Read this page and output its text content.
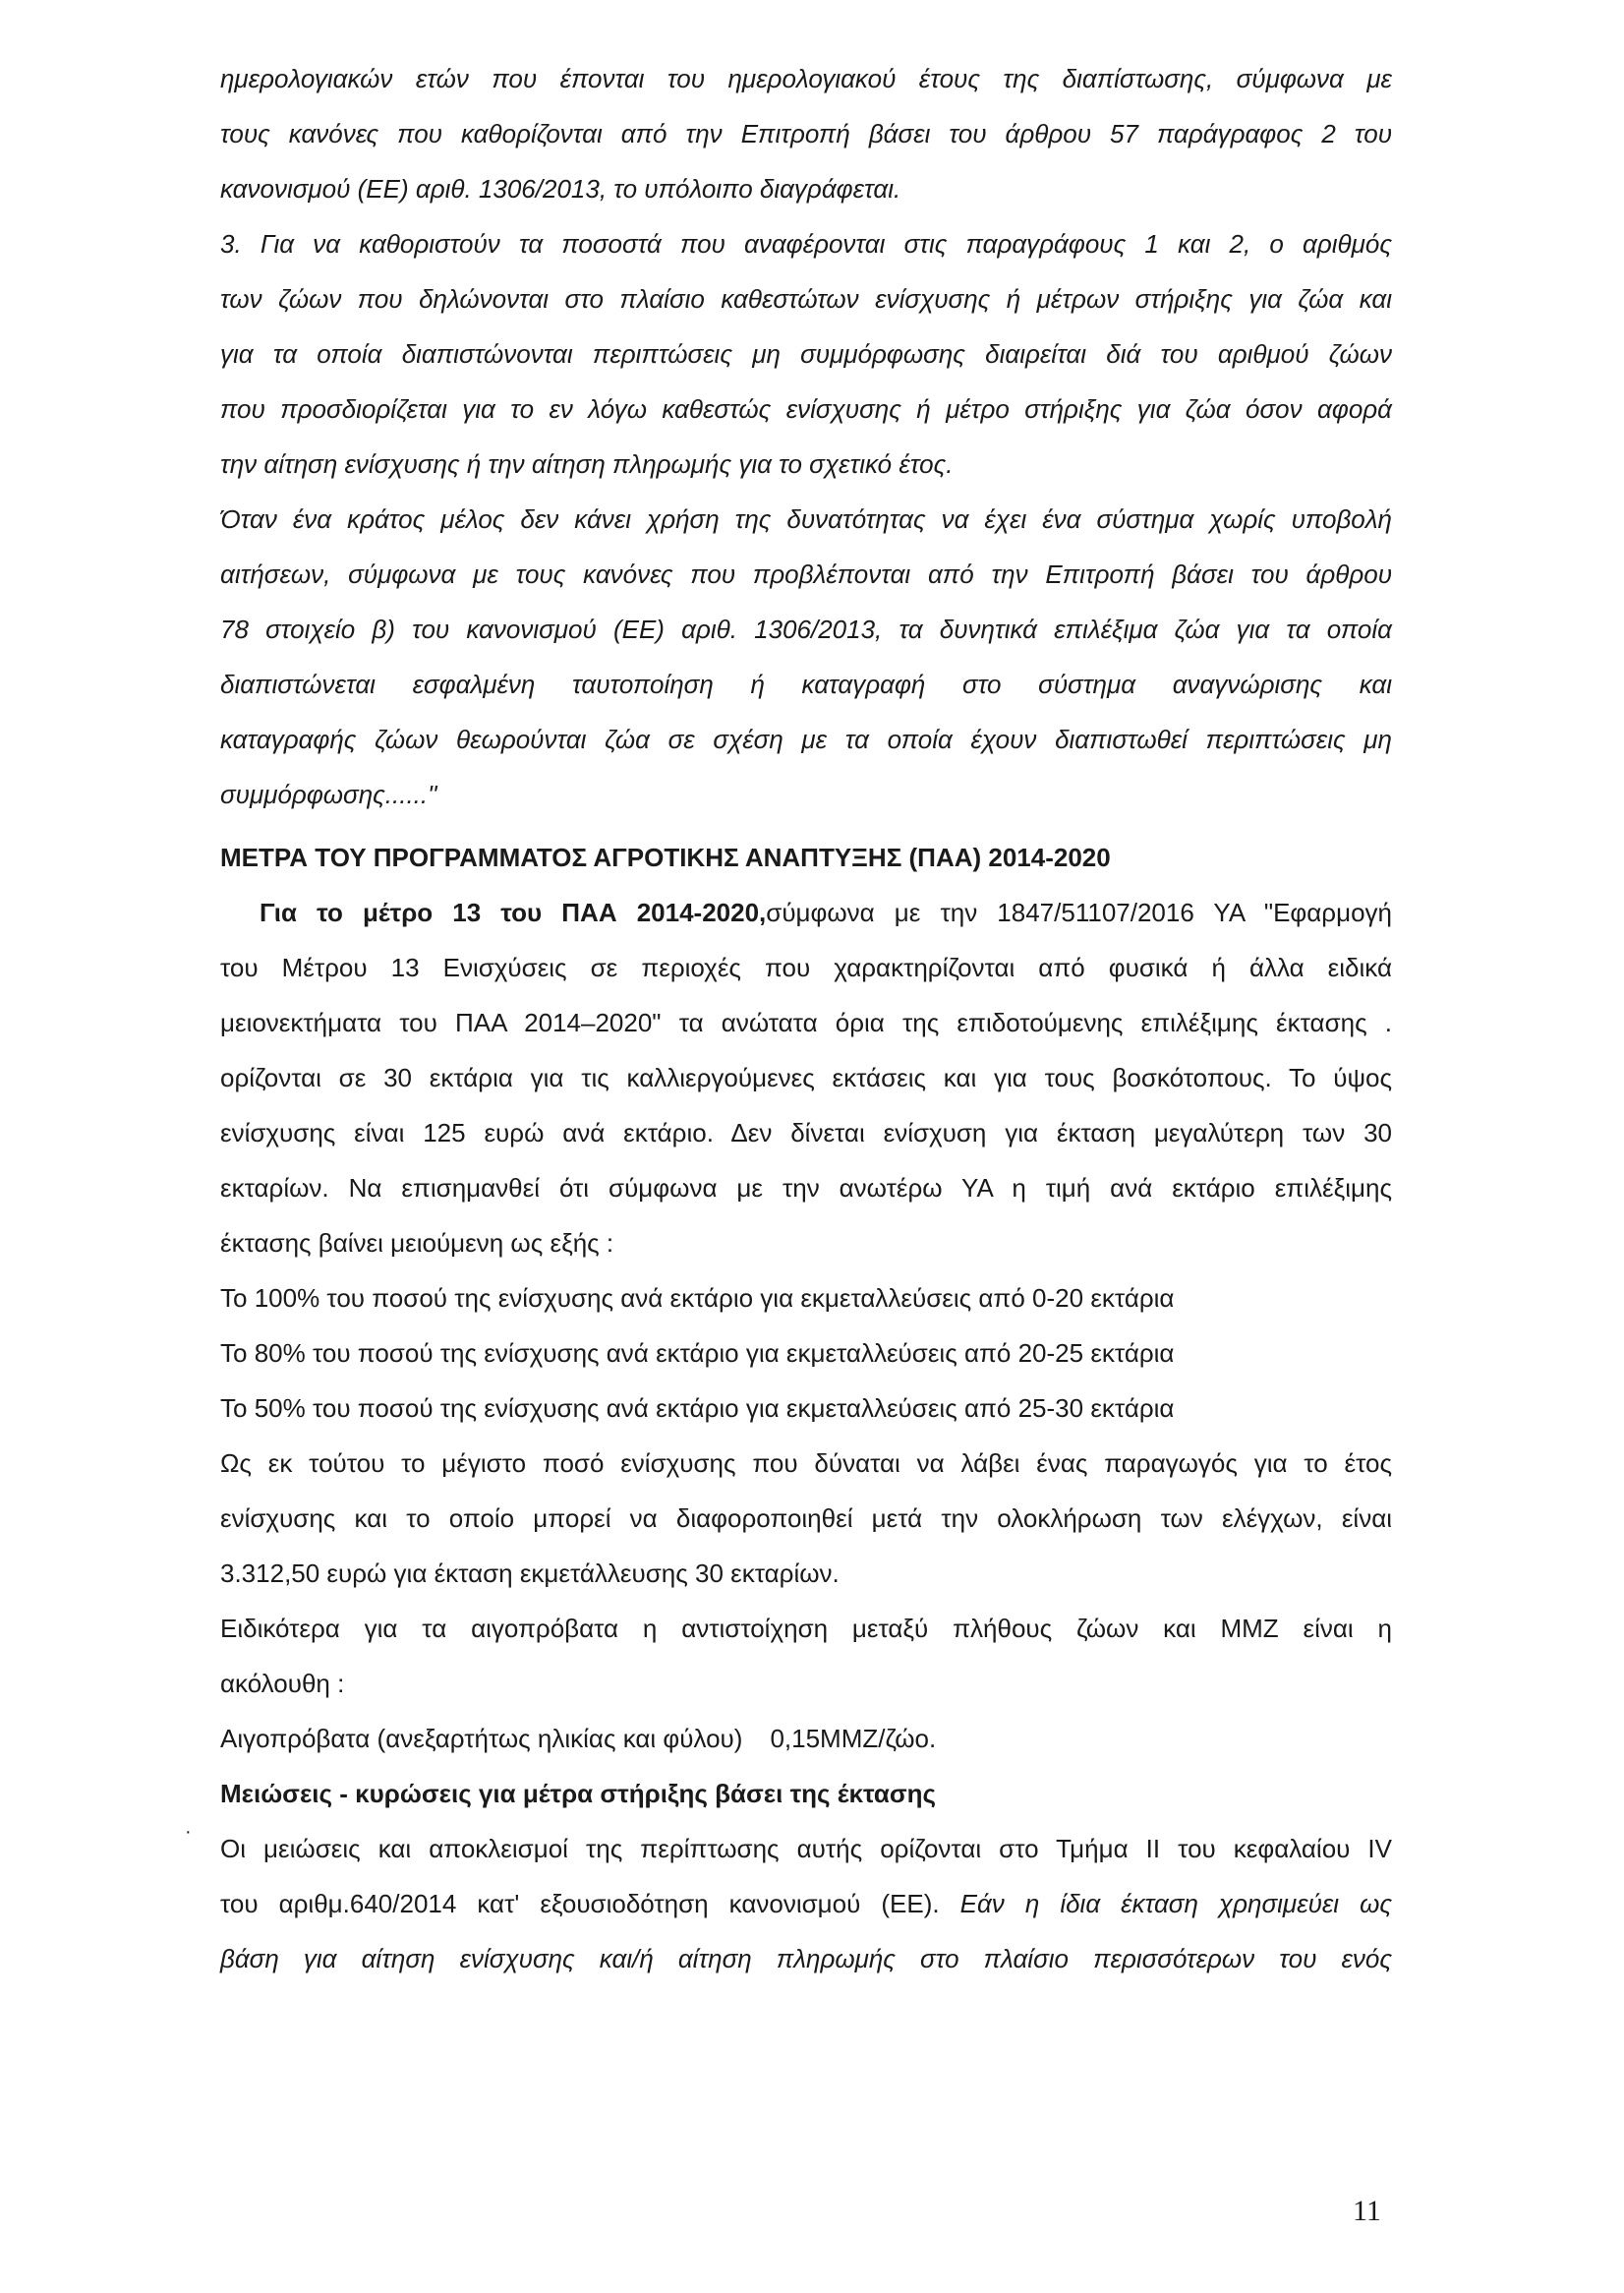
ημερολογιακών ετών που έπονται του ημερολογιακού έτους της διαπίστωσης, σύμφωνα με
τους κανόνες που καθορίζονται από την Επιτροπή βάσει του άρθρου 57 παράγραφος 2 του
κανονισμού (ΕΕ) αριθ. 1306/2013, το υπόλοιπο διαγράφεται.
3. Για να καθοριστούν τα ποσοστά που αναφέρονται στις παραγράφους 1 και 2, ο αριθμός
των ζώων που δηλώνονται στο πλαίσιο καθεστώτων ενίσχυσης ή μέτρων στήριξης για ζώα και
για τα οποία διαπιστώνονται περιπτώσεις μη συμμόρφωσης διαιρείται διά του αριθμού ζώων
που προσδιορίζεται για το εν λόγω καθεστώς ενίσχυσης ή μέτρο στήριξης για ζώα όσον αφορά
την αίτηση ενίσχυσης ή την αίτηση πληρωμής για το σχετικό έτος.
Όταν ένα κράτος μέλος δεν κάνει χρήση της δυνατότητας να έχει ένα σύστημα χωρίς υποβολή
αιτήσεων, σύμφωνα με τους κανόνες που προβλέπονται από την Επιτροπή βάσει του άρθρου
78 στοιχείο β) του κανονισμού (ΕΕ) αριθ. 1306/2013, τα δυνητικά επιλέξιμα ζώα για τα οποία
διαπιστώνεται εσφαλμένη ταυτοποίηση ή καταγραφή στο σύστημα αναγνώρισης και
καταγραφής ζώων θεωρούνται ζώα σε σχέση με τα οποία έχουν διαπιστωθεί περιπτώσεις μη
συμμόρφωσης......"
ΜΕΤΡΑ ΤΟΥ ΠΡΟΓΡΑΜΜΑΤΟΣ ΑΓΡΟΤΙΚΗΣ ΑΝΑΠΤΥΞΗΣ (ΠΑΑ) 2014-2020
Για το μέτρο 13 του ΠΑΑ 2014-2020,σύμφωνα με την 1847/51107/2016 ΥΑ "Εφαρμογή
του Μέτρου 13 Ενισχύσεις σε περιοχές που χαρακτηρίζονται από φυσικά ή άλλα ειδικά
μειονεκτήματα του ΠΑΑ 2014–2020" τα ανώτατα όρια της επιδοτούμενης επιλέξιμης έκτασης .
ορίζονται σε 30 εκτάρια για τις καλλιεργούμενες εκτάσεις και για τους βοσκότοπους. Το ύψος
ενίσχυσης είναι 125 ευρώ ανά εκτάριο. Δεν δίνεται ενίσχυση για έκταση μεγαλύτερη των 30
εκταρίων. Να επισημανθεί ότι σύμφωνα με την ανωτέρω ΥΑ η τιμή ανά εκτάριο επιλέξιμης
έκτασης βαίνει μειούμενη ως εξής :
Το 100% του ποσού της ενίσχυσης ανά εκτάριο για εκμεταλλεύσεις από 0-20 εκτάρια
Το 80% του ποσού της ενίσχυσης ανά εκτάριο για εκμεταλλεύσεις από 20-25 εκτάρια
Το 50% του ποσού της ενίσχυσης ανά εκτάριο για εκμεταλλεύσεις από 25-30 εκτάρια
Ως εκ τούτου το μέγιστο ποσό ενίσχυσης που δύναται να λάβει ένας παραγωγός για το έτος
ενίσχυσης και το οποίο μπορεί να διαφοροποιηθεί μετά την ολοκλήρωση των ελέγχων, είναι
3.312,50 ευρώ για έκταση εκμετάλλευσης 30 εκταρίων.
Ειδικότερα για τα αιγοπρόβατα η αντιστοίχηση μεταξύ πλήθους ζώων και ΜΜΖ είναι η
ακόλουθη :
Αιγοπρόβατα (ανεξαρτήτως ηλικίας και φύλου) 0,15ΜΜΖ/ζώο.
Μειώσεις - κυρώσεις για μέτρα στήριξης βάσει της έκτασης
Οι μειώσεις και αποκλεισμοί της περίπτωσης αυτής ορίζονται στο Τμήμα ΙΙ του κεφαλαίου IV
του αριθμ.640/2014 κατ' εξουσιοδότηση κανονισμού (ΕΕ). Εάν η ίδια έκταση χρησιμεύει ως
βάση για αίτηση ενίσχυσης και/ή αίτηση πληρωμής στο πλαίσιο περισσότερων του ενός
·
11
